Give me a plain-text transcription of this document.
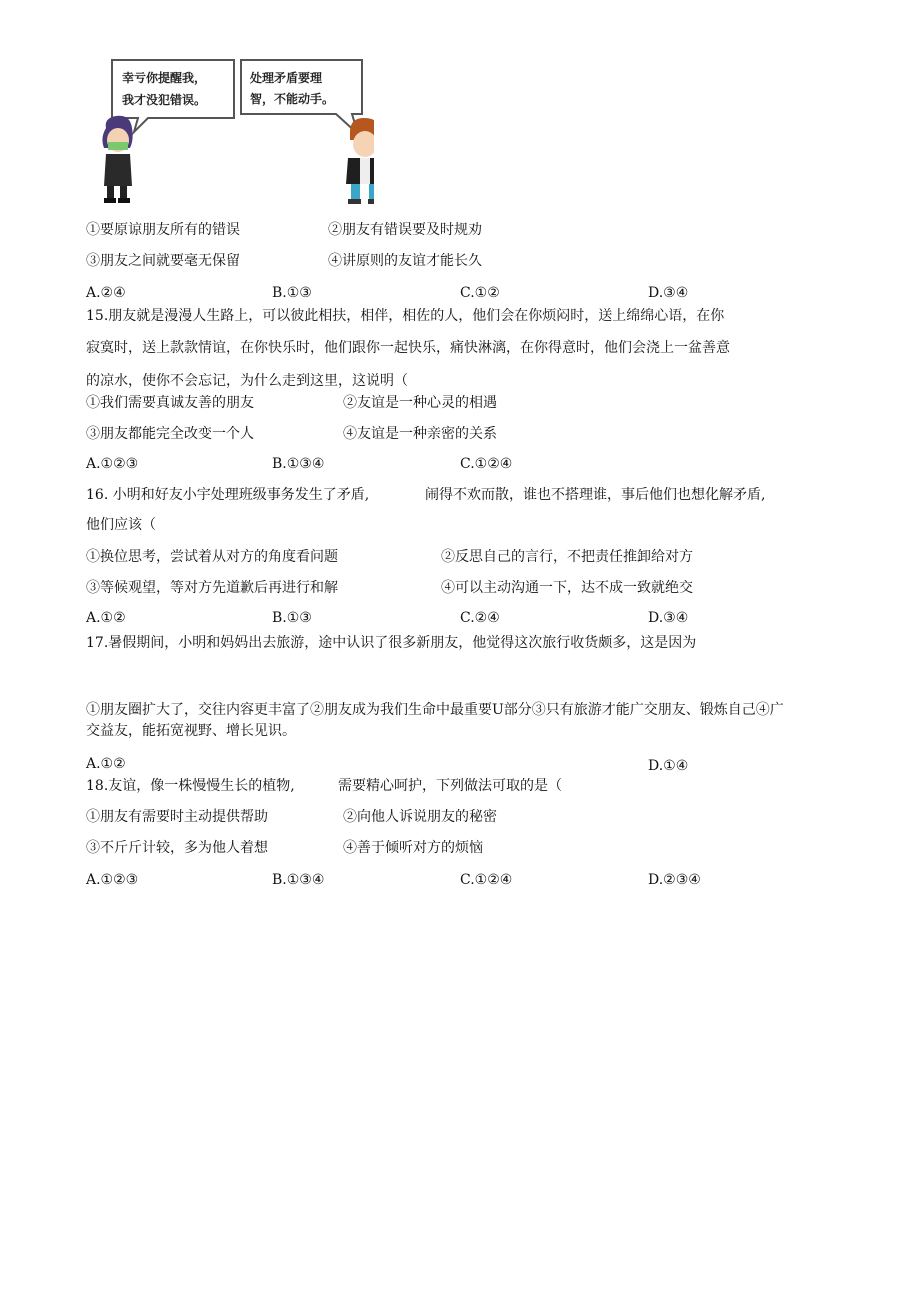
幸亏你提醒我，
我才没犯错误。
处理矛盾要理
智，不能动手。
①要原谅朋友所有的错误	②朋友有错误要及时规劝
③朋友之间就要毫无保留	④讲原则的友谊才能长久
A.②④	B.①③	C.①②	D.③④
15.朋友就是漫漫人生路上，可以彼此相扶，相伴，相佐的人，他们会在你烦闷时，送上绵绵心语，在你
寂寞时，送上款款情谊，在你快乐时，他们跟你一起快乐，痛快淋漓，在你得意时，他们会浇上一盆善意
的凉水，使你不会忘记，为什么走到这里，这说明（
①我们需要真诚友善的朋友	②友谊是一种心灵的相遇
③朋友都能完全改变一个人	④友谊是一种亲密的关系
A.①②③	B.①③④	C.①②④
16. 小明和好友小宇处理班级事务发生了矛盾,	闹得不欢而散，谁也不搭理谁，事后他们也想化解矛盾,
他们应该（
①换位思考，尝试着从对方的角度看问题	②反思自己的言行，不把责任推卸给对方
③等候观望，等对方先道歉后再进行和解	④可以主动沟通一下，达不成一致就绝交
A.①②	B.①③	C.②④	D.③④
17.暑假期间，小明和妈妈出去旅游，途中认识了很多新朋友，他觉得这次旅行收货颇多，这是因为
①朋友圈扩大了，交往内容更丰富了②朋友成为我们生命中最重要U部分③只有旅游才能广交朋友、锻炼自己④广
交益友，能拓宽视野、增长见识。
A.①②	D.①④
18.友谊，像一株慢慢生长的植物,	需要精心呵护，下列做法可取的是（
①朋友有需要时主动提供帮助	②向他人诉说朋友的秘密
③不斤斤计较，多为他人着想	④善于倾听对方的烦恼
A.①②③	B.①③④	C.①②④	D.②③④
